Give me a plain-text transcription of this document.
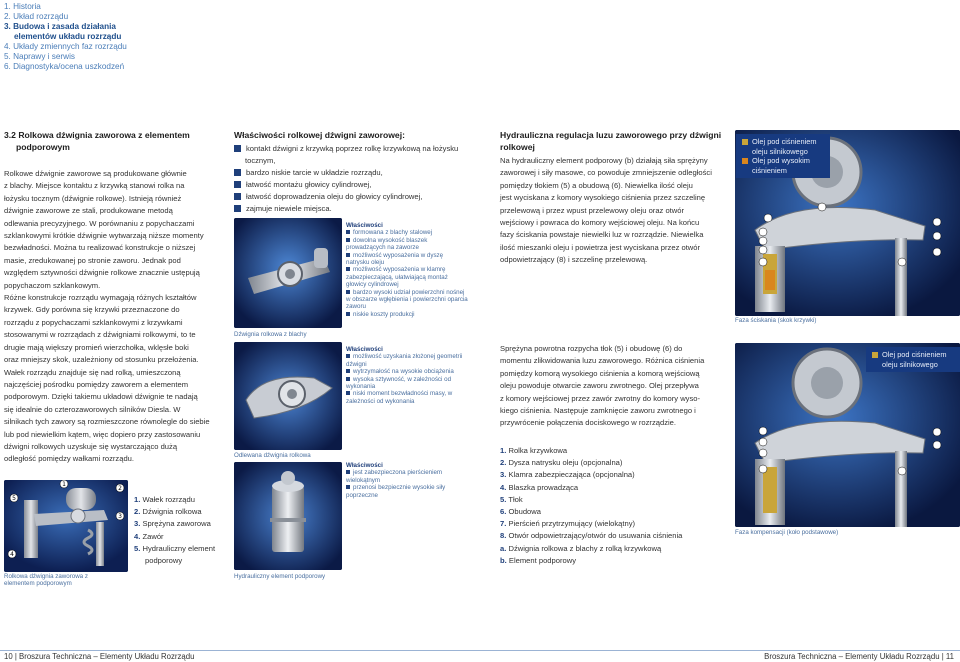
1. Historia
2. Układ rozrządu
3. Budowa i zasada działania
elementów układu rozrządu
4. Układy zmiennych faz rozrządu
5. Naprawy i serwis
6. Diagnostyka/ocena uszkodzeń
3.2 Rolkowa dźwignia zaworowa z elementem
podporowym
Rolkowe dźwignie zaworowe są produkowane głównie
z blachy. Miejsce kontaktu z krzywką stanowi rolka na
łożysku tocznym (dźwignie rolkowe). Istnieją również
dźwignie zaworowe ze stali, produkowane metodą
odlewania precyzyjnego. W porównaniu z popychaczami
szklankowymi krótkie dźwignie wytwarzają niższe momenty
bezwładności. Można tu realizować konstrukcje o niższej
masie, zredukowanej po stronie zaworu. Jednak pod
względem sztywności dźwignie rolkowe znacznie ustępują
popychaczom szklankowym.
Różne konstrukcje rozrządu wymagają różnych kształtów
krzywek. Gdy porówna się krzywki przeznaczone do
rozrządu z popychaczami szklankowymi z krzywkami
stosowanymi w rozrządach z dźwigniami rolkowymi, to te
drugie mają większy promień wierzchołka, wklęsłe boki
oraz mniejszy skok, uzależniony od stosunku przełożenia.
Wałek rozrządu znajduje się nad rolką, umieszczoną
najczęściej pośrodku pomiędzy zaworem a elementem
podporowym. Dzięki takiemu układowi dźwignie te nadają
się idealnie do czterozaworowych silników Diesla. W
silnikach tych zawory są rozmieszczone równolegle do siebie
lub pod niewielkim kątem, więc dopiero przy zastosowaniu
dźwigni rolkowych uzyskuje się wystarczająco dużą
odległość pomiędzy wałkami rozrządu.
5
2
3
4
1
Rolkowa dźwignia zaworowa z
elementem podporowym
1. Wałek rozrządu
2. Dźwignia rolkowa
3. Sprężyna zaworowa
4. Zawór
5. Hydrauliczny element
podporowy
Właściwości rolkowej dźwigni zaworowej:
kontakt dźwigni z krzywką poprzez rolkę krzywkową na łożysku tocznym,
bardzo niskie tarcie w układzie rozrządu,
łatwość montażu głowicy cylindrowej,
łatwość doprowadzenia oleju do głowicy cylindrowej,
zajmuje niewiele miejsca.
Dźwignia rolkowa z blachy
Właściwości
formowana z blachy stalowej
dowolna wysokość blaszek prowadzących na zaworze
możliwość wyposażenia w dyszę natrysku oleju
możliwość wyposażenia w klamrę zabezpieczającą, ułatwiającą montaż głowicy cylindrowej
bardzo wysoki udział powierzchni nośnej w obszarze wgłębienia i powierzchni oparcia zaworu
niskie koszty produkcji
Odlewana dźwignia rolkowa
Właściwości
możliwość uzyskania złożonej geometrii dźwigni
wytrzymałość na wysokie obciążenia
wysoka sztywność, w zależności od wykonania
niski moment bezwładności masy, w zależności od wykonania
Hydrauliczny element podporowy
Właściwości
jest zabezpieczona pierścieniem wielokątnym
przenosi bezpiecznie wysokie siły poprzeczne
Hydrauliczna regulacja luzu zaworowego przy dźwigni
rolkowej
Na hydrauliczny element podporowy (b) działają siła sprężyny
zaworowej i siły masowe, co powoduje zmniejszenie odległości
pomiędzy tłokiem (5) a obudową (6). Niewielka ilość oleju
jest wyciskana z komory wysokiego ciśnienia przez szczelinę
przelewową i przez wpust przelewowy oleju oraz otwór
wejściowy i powraca do komory wejściowej oleju. Na końcu
fazy ściskania powstaje niewielki luz w rozrządzie. Niewielka
ilość mieszanki oleju i powietrza jest wyciskana przez otwór
odpowietrzający (8) i szczelinę przelewową.
Sprężyna powrotna rozpycha tłok (5) i obudowę (6) do
momentu zlikwidowania luzu zaworowego. Różnica ciśnienia
pomiędzy komorą wysokiego ciśnienia a komorą wejściową
oleju powoduje otwarcie zaworu zwrotnego. Olej przepływa
z komory wejściowej przez zawór zwrotny do komory wyso-
kiego ciśnienia. Następuje zamknięcie zaworu zwrotnego i
przywrócenie połączenia dociskowego w rozrządzie.
1. Rolka krzywkowa
2. Dysza natrysku oleju (opcjonalna)
3. Klamra zabezpieczająca (opcjonalna)
4. Blaszka prowadząca
5. Tłok
6. Obudowa
7. Pierścień przytrzymujący (wielokątny)
8. Otwór odpowietrzający/otwór do usuwania ciśnienia
a. Dźwignia rolkowa z blachy z rolką krzywkową
b. Element podporowy
Olej pod ciśnieniem
oleju silnikowego
Olej pod wysokim
ciśnieniem
Faza ściskania (skok krzywki)
Olej pod ciśnieniem
oleju silnikowego
Faza kompensacji (koło podstawowe)
10 | Broszura Techniczna – Elementy Układu Rozrządu	Broszura Techniczna – Elementy Układu Rozrządu | 11
